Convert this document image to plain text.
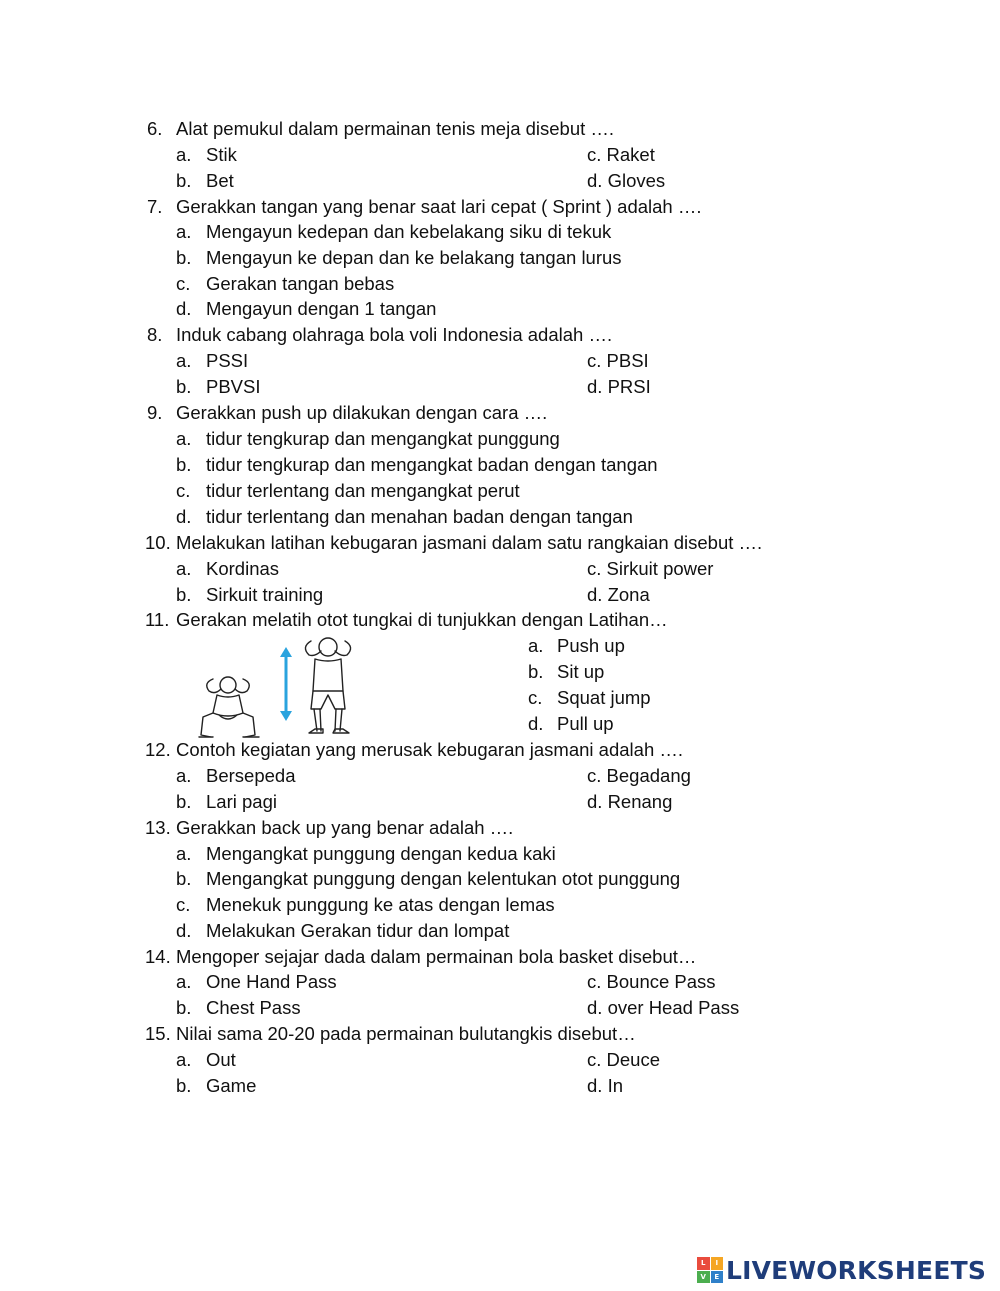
6. Alat pemukul dalam permainan tenis meja disebut ….
a. Stik	c. Raket
b. Bet	d. Gloves
7. Gerakkan tangan yang benar saat lari cepat ( Sprint ) adalah ….
a. Mengayun kedepan dan kebelakang siku di tekuk
b. Mengayun ke depan dan ke belakang tangan lurus
c. Gerakan tangan bebas
d. Mengayun dengan 1 tangan
8. Induk cabang olahraga bola voli Indonesia adalah ….
a. PSSI	c. PBSI
b. PBVSI	d. PRSI
9. Gerakkan push up dilakukan dengan cara ….
a. tidur tengkurap dan mengangkat punggung
b. tidur tengkurap dan mengangkat badan dengan tangan
c. tidur terlentang dan mengangkat perut
d. tidur terlentang dan menahan badan dengan tangan
10. Melakukan latihan kebugaran jasmani dalam satu rangkaian disebut ….
a. Kordinas	c. Sirkuit power
b. Sirkuit training	d. Zona
11. Gerakan melatih otot tungkai di tunjukkan dengan Latihan…
a. Push up
b. Sit up
c. Squat jump
d. Pull up
12. Contoh kegiatan yang merusak kebugaran jasmani adalah ….
a. Bersepeda	c. Begadang
b. Lari pagi	d. Renang
13. Gerakkan back up yang benar adalah ….
a. Mengangkat punggung dengan kedua kaki
b. Mengangkat punggung dengan kelentukan otot punggung
c. Menekuk punggung ke atas dengan lemas
d. Melakukan Gerakan tidur dan lompat
14. Mengoper sejajar dada dalam permainan bola basket disebut…
a. One Hand Pass	c. Bounce Pass
b. Chest Pass	d. over Head Pass
15. Nilai sama 20-20 pada permainan bulutangkis disebut…
a. Out	c. Deuce
b. Game	d. In
L	I
V	E LIVEWORKSHEETS
